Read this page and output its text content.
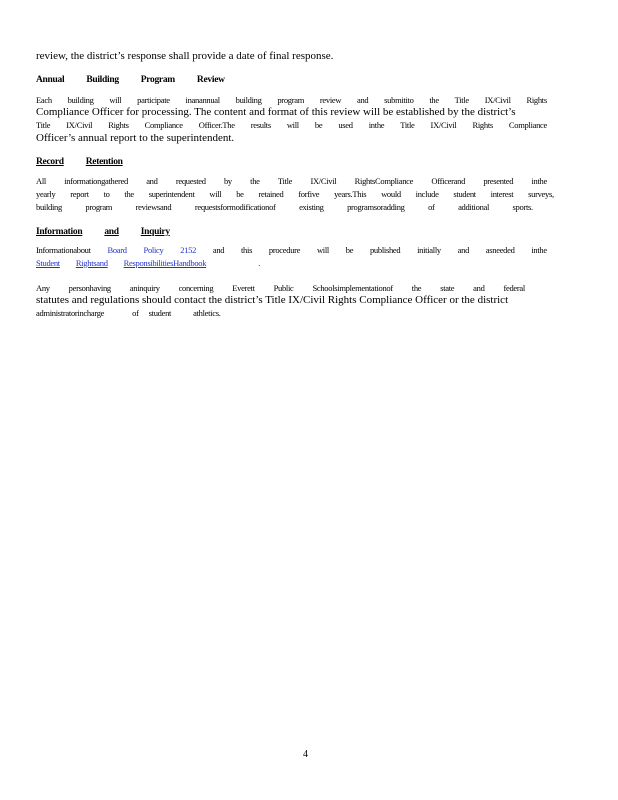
review, the district’s response shall provide a date of final response.
Annual Building Program Review
Each building will participate inanannual building program review and submitito the Title IX/Civil Rights
Compliance Officer for processing. The content and format of this review will be established by the district’s
Title IX/Civil Rights Compliance Officer.The results will be used inthe Title IX/Civil Rights Compliance
Officer’s annual report to the superintendent.
Record Retention
All informationgathered and requested by the Title IX/Civil RightsCompliance Officerand presented inthe
yearly report to the superintendent will be retained forfive years.This would include student interest surveys,
building	program	reviewsand	requestsformodificationof	existing	programsoradding	of	additional	sports.
Information and Inquiry
Informationabout Board Policy 2152 and this procedure will be published initially and asneeded inthe
Student Rightsand ResponsibilitiesHandbook	.
Any personhaving aninquiry concerning Everett Public Schoolsimplementationof the state and federal
statutes and regulations should contact the district’s Title IX/Civil Rights Compliance Officer or the district
administratorincharge	of student	athletics.
4
